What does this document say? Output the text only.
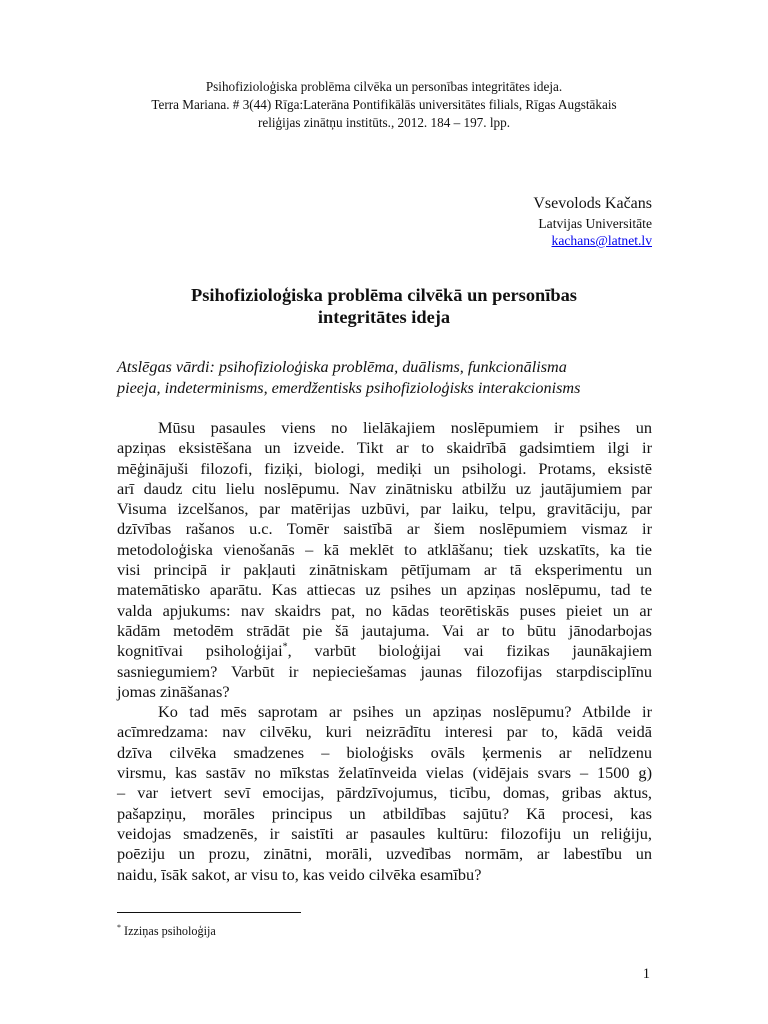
Psihofizioloģiska problēma cilvēka un personības integritātes ideja.
Terra Mariana. # 3(44) Rīga:Laterāna Pontifikālās universitātes filials, Rīgas Augstākais
reliģijas zinātņu institūts., 2012. 184 – 197. lpp.
Vsevolods Kačans
Latvijas Universitāte
kachans@latnet.lv
Psihofizioloģiska problēma cilvēkā un personības
integritātes ideja
Atslēgas vārdi: psihofizioloģiska problēma, duālisms, funkcionālisma
pieeja, indeterminisms, emerdžentisks psihofizioloģisks interakcionisms
Mūsu pasaules viens no lielākajiem noslēpumiem ir psihes un
apziņas eksistēšana un izveide. Tikt ar to skaidrībā gadsimtiem ilgi ir
mēģinājuši filozofi, fiziķi, biologi, mediķi un psihologi. Protams, eksistē
arī daudz citu lielu noslēpumu. Nav zinātnisku atbilžu uz jautājumiem par
Visuma izcelšanos, par matērijas uzbūvi, par laiku, telpu, gravitāciju, par
dzīvības rašanos u.c. Tomēr saistībā ar šiem noslēpumiem vismaz ir
metodoloģiska vienošanās – kā meklēt to atklāšanu; tiek uzskatīts, ka tie
visi principā ir pakļauti zinātniskam pētījumam ar tā eksperimentu un
matemātisko aparātu. Kas attiecas uz psihes un apziņas noslēpumu, tad te
valda apjukums: nav skaidrs pat, no kādas teorētiskās puses pieiet un ar
kādām metodēm strādāt pie šā jautajuma. Vai ar to būtu jānodarbojas
kognitīvai psiholoģijai*, varbūt bioloģijai vai fizikas jaunākajiem
sasniegumiem? Varbūt ir nepieciešamas jaunas filozofijas starpdisciplīnu
jomas zināšanas?
Ko tad mēs saprotam ar psihes un apziņas noslēpumu? Atbilde ir
acīmredzama: nav cilvēku, kuri neizrādītu interesi par to, kādā veidā
dzīva cilvēka smadzenes – bioloģisks ovāls ķermenis ar nelīdzenu
virsmu, kas sastāv no mīkstas želatīnveida vielas (vidējais svars – 1500 g)
– var ietvert sevī emocijas, pārdzīvojumus, ticību, domas, gribas aktus,
pašapziņu, morāles principus un atbildības sajūtu? Kā procesi, kas
veidojas smadzenēs, ir saistīti ar pasaules kultūru: filozofiju un reliģiju,
poēziju un prozu, zinātni, morāli, uzvedības normām, ar labestību un
naidu, īsāk sakot, ar visu to, kas veido cilvēka esamību?
* Izziņas psiholoģija
1
